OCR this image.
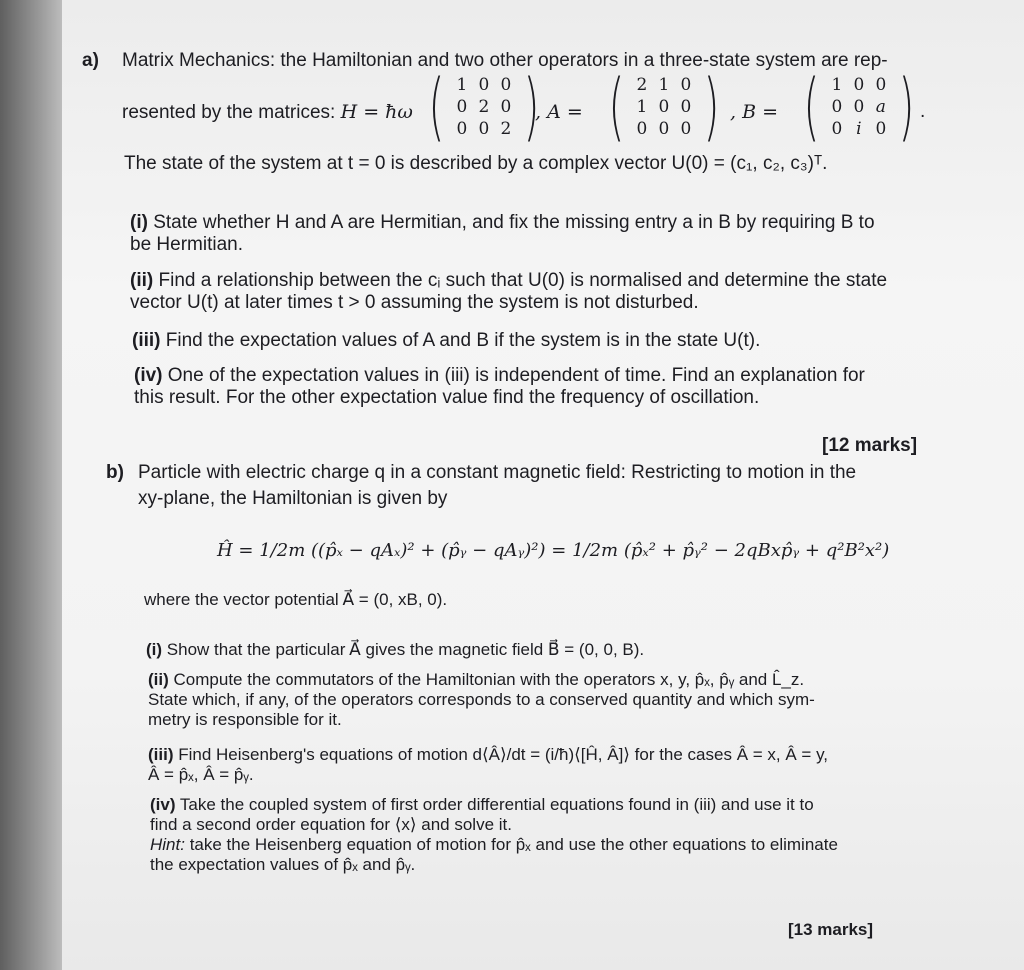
a) Matrix Mechanics: the Hamiltonian and two other operators in a three-state system are rep-
resented by the matrices: H = ħω ( 1 0 0
0 2 0
0 0 2 )
, A = ( 2 1 0
1 0 0
0 0 0 ) , B = ( 1 0 0
0 0 a
0 i 0 ) .
The state of the system at t = 0 is described by a complex vector U(0) = (c₁, c₂, c₃)ᵀ.
(i) State whether H and A are Hermitian, and fix the missing entry a in B by requiring B to
be Hermitian.
(ii) Find a relationship between the cᵢ such that U(0) is normalised and determine the state
vector U(t) at later times t > 0 assuming the system is not disturbed.
(iii) Find the expectation values of A and B if the system is in the state U(t).
(iv) One of the expectation values in (iii) is independent of time. Find an explanation for
this result. For the other expectation value find the frequency of oscillation.
[12 marks]
b) Particle with electric charge q in a constant magnetic field: Restricting to motion in the
xy-plane, the Hamiltonian is given by
Ĥ = 1/2m ((p̂ₓ − qAₓ)² + (p̂ᵧ − qAᵧ)²) = 1/2m (p̂ₓ² + p̂ᵧ² − 2qBxp̂ᵧ + q²B²x²)
where the vector potential A⃗ = (0, xB, 0).
(i) Show that the particular A⃗ gives the magnetic field B⃗ = (0, 0, B).
(ii) Compute the commutators of the Hamiltonian with the operators x, y, p̂ₓ, p̂ᵧ and L̂_z.
State which, if any, of the operators corresponds to a conserved quantity and which sym-
metry is responsible for it.
(iii) Find Heisenberg's equations of motion d⟨Â⟩/dt = (i/ħ)⟨[Ĥ, Â]⟩ for the cases Â = x, Â = y,
Â = p̂ₓ, Â = p̂ᵧ.
(iv) Take the coupled system of first order differential equations found in (iii) and use it to
find a second order equation for ⟨x⟩ and solve it.
Hint: take the Heisenberg equation of motion for p̂ₓ and use the other equations to eliminate
the expectation values of p̂ₓ and p̂ᵧ.
[13 marks]
